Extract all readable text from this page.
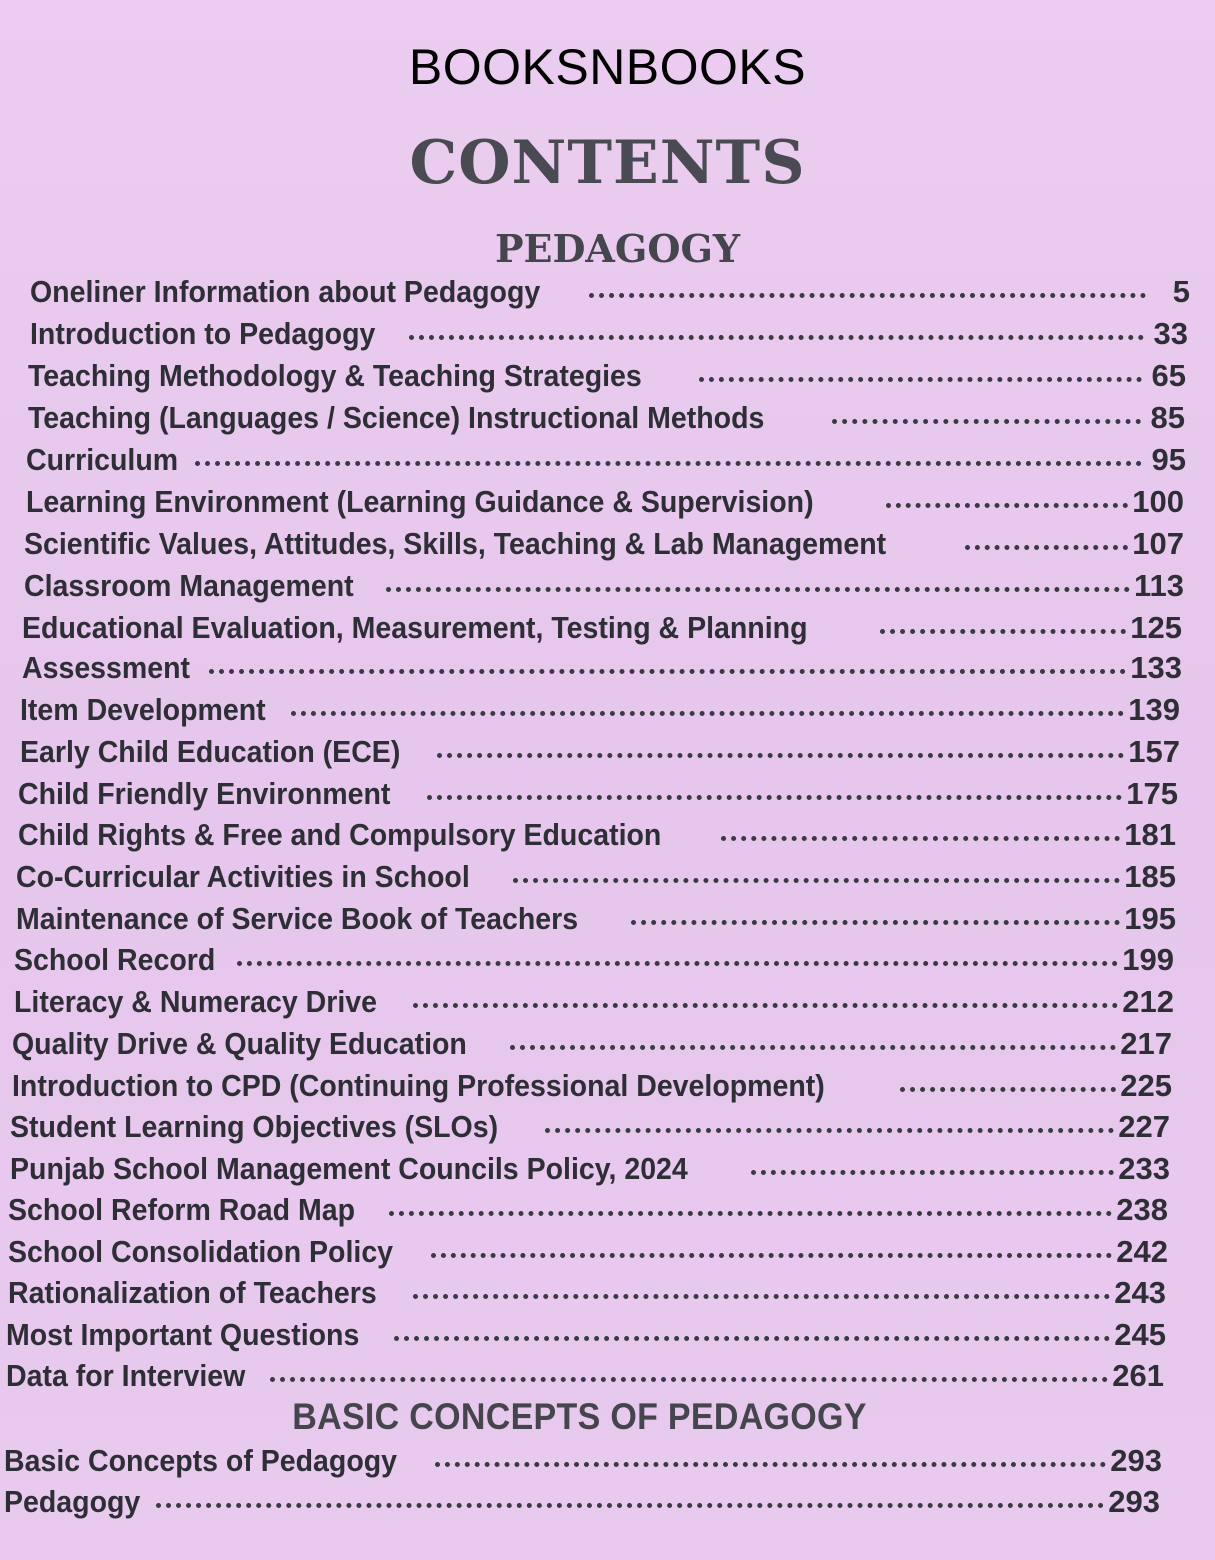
BOOKSNBOOKS
CONTENTS
PEDAGOGY
Oneliner Information about Pedagogy	5
Introduction to Pedagogy	33
Teaching Methodology & Teaching Strategies	65
Teaching (Languages / Science) Instructional Methods	85
Curriculum	95
Learning Environment (Learning Guidance & Supervision)	100
Scientific Values, Attitudes, Skills, Teaching & Lab Management	107
Classroom Management	113
Educational Evaluation, Measurement, Testing & Planning	125
Assessment	133
Item Development	139
Early Child Education (ECE)	157
Child Friendly Environment	175
Child Rights & Free and Compulsory Education	181
Co-Curricular Activities in School	185
Maintenance of Service Book of Teachers	195
School Record	199
Literacy & Numeracy Drive	212
Quality Drive & Quality Education	217
Introduction to CPD (Continuing Professional Development)	225
Student Learning Objectives (SLOs)	227
Punjab School Management Councils Policy, 2024	233
School Reform Road Map	238
School Consolidation Policy	242
Rationalization of Teachers	243
Most Important Questions	245
Data for Interview	261
BASIC CONCEPTS OF PEDAGOGY
Basic Concepts of Pedagogy	293
Pedagogy	293
